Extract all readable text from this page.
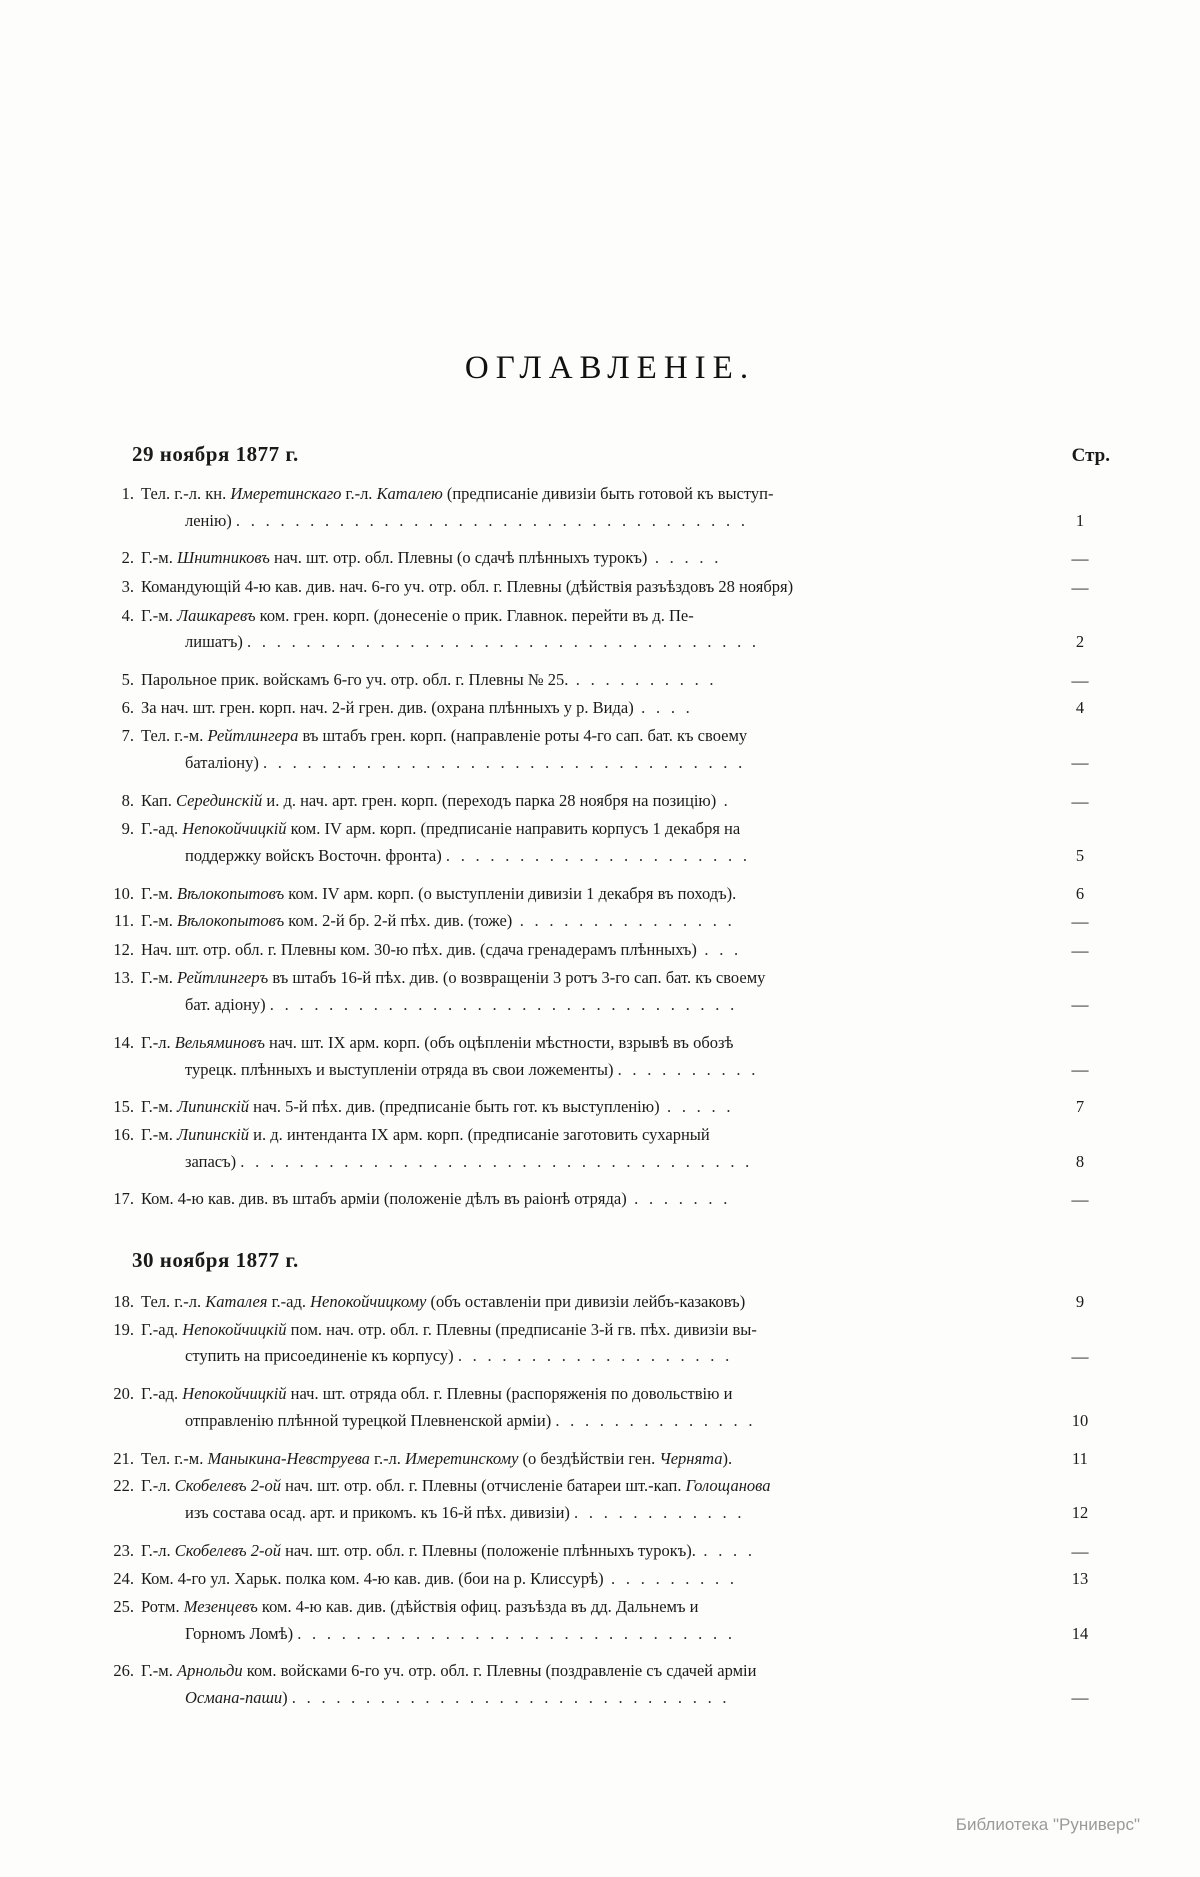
ОГЛАВЛЕНІЕ.
29 ноября 1877 г.	Стр.
1. Тел. г.-л. кн. Имеретинскаго г.-л. Каталею (предписаніе дивизіи быть готовой къ выступ-
ленію) . . . . . . . . . . . . . . . . . . . . . . . . . . . . . . . . . . .	1
2. Г.-м. Шнитниковъ нач. шт. отр. обл. Плевны (о сдачѣ плѣнныхъ турокъ) . . . . .	—
3. Командующій 4-ю кав. див. нач. 6-го уч. отр. обл. г. Плевны (дѣйствія разъѣздовъ 28 ноября)	—
4. Г.-м. Лашкаревъ ком. грен. корп. (донесеніе о прик. Главнок. перейти въ д. Пе-
лишатъ) . . . . . . . . . . . . . . . . . . . . . . . . . . . . . . . . . . .	2
5. Парольное прик. войскамъ 6-го уч. отр. обл. г. Плевны № 25. . . . . . . . . . .	—
6. За нач. шт. грен. корп. нач. 2-й грен. див. (охрана плѣнныхъ у р. Вида) . . . .	4
7. Тел. г.-м. Рейтлингера въ штабъ грен. корп. (направленіе роты 4-го сап. бат. къ своему
баталіону) . . . . . . . . . . . . . . . . . . . . . . . . . . . . . . . . .	—
8. Кап. Серединскій и. д. нач. арт. грен. корп. (переходъ парка 28 ноября на позицію) .	—
9. Г.-ад. Непокойчицкій ком. IV арм. корп. (предписаніе направить корпусъ 1 декабря на
поддержку войскъ Восточн. фронта) . . . . . . . . . . . . . . . . . . . . .	5
10. Г.-м. Вѣлокопытовъ ком. IV арм. корп. (о выступленіи дивизіи 1 декабря въ походъ).	6
11. Г.-м. Вѣлокопытовъ ком. 2-й бр. 2-й пѣх. див. (тоже) . . . . . . . . . . . . . . .	—
12. Нач. шт. отр. обл. г. Плевны ком. 30-ю пѣх. див. (сдача гренадерамъ плѣнныхъ) . . .	—
13. Г.-м. Рейтлингеръ въ штабъ 16-й пѣх. див. (о возвращеніи 3 ротъ 3-го сап. бат. къ своему
бат. адіону) . . . . . . . . . . . . . . . . . . . . . . . . . . . . . . . .	—
14. Г.-л. Вельяминовъ нач. шт. IX арм. корп. (объ оцѣпленіи мѣстности, взрывѣ въ обозѣ
турецк. плѣнныхъ и выступленіи отряда въ свои ложементы) . . . . . . . . . .	—
15. Г.-м. Липинскій нач. 5-й пѣх. див. (предписаніе быть гот. къ выступленію) . . . . .	7
16. Г.-м. Липинскій и. д. интенданта IX арм. корп. (предписаніе заготовить сухарный
запасъ) . . . . . . . . . . . . . . . . . . . . . . . . . . . . . . . . . . .	8
17. Ком. 4-ю кав. див. въ штабъ арміи (положеніе дѣлъ въ раіонѣ отряда) . . . . . . .	—
30 ноября 1877 г.
18. Тел. г.-л. Каталея г.-ад. Непокойчицкому (объ оставленіи при дивизіи лейбъ-казаковъ)	9
19. Г.-ад. Непокойчицкій пом. нач. отр. обл. г. Плевны (предписаніе 3-й гв. пѣх. дивизіи вы-
ступить на присоединеніе къ корпусу) . . . . . . . . . . . . . . . . . . .	—
20. Г.-ад. Непокойчицкій нач. шт. отряда обл. г. Плевны (распоряженія по довольствію и
отправленію плѣнной турецкой Плевненской арміи) . . . . . . . . . . . . . .	10
21. Тел. г.-м. Маныкина-Невструева г.-л. Имеретинскому (о бездѣйствіи ген. Чернята).	11
22. Г.-л. Скобелевъ 2-ой нач. шт. отр. обл. г. Плевны (отчисленіе батареи шт.-кап. Голощанова
изъ состава осад. арт. и прикомъ. къ 16-й пѣх. дивизіи) . . . . . . . . . . . .	12
23. Г.-л. Скобелевъ 2-ой нач. шт. отр. обл. г. Плевны (положеніе плѣнныхъ турокъ). . . . .	—
24. Ком. 4-го ул. Харьк. полка ком. 4-ю кав. див. (бои на р. Клиссурѣ) . . . . . . . . .	13
25. Ротм. Мезенцевъ ком. 4-ю кав. див. (дѣйствія офиц. разъѣзда въ дд. Дальнемъ и
Горномъ Ломѣ) . . . . . . . . . . . . . . . . . . . . . . . . . . . . . .	14
26. Г.-м. Арнольди ком. войсками 6-го уч. отр. обл. г. Плевны (поздравленіе съ сдачей арміи
Османа-паши) . . . . . . . . . . . . . . . . . . . . . . . . . . . . . .	—
Библиотека "Руниверс"
